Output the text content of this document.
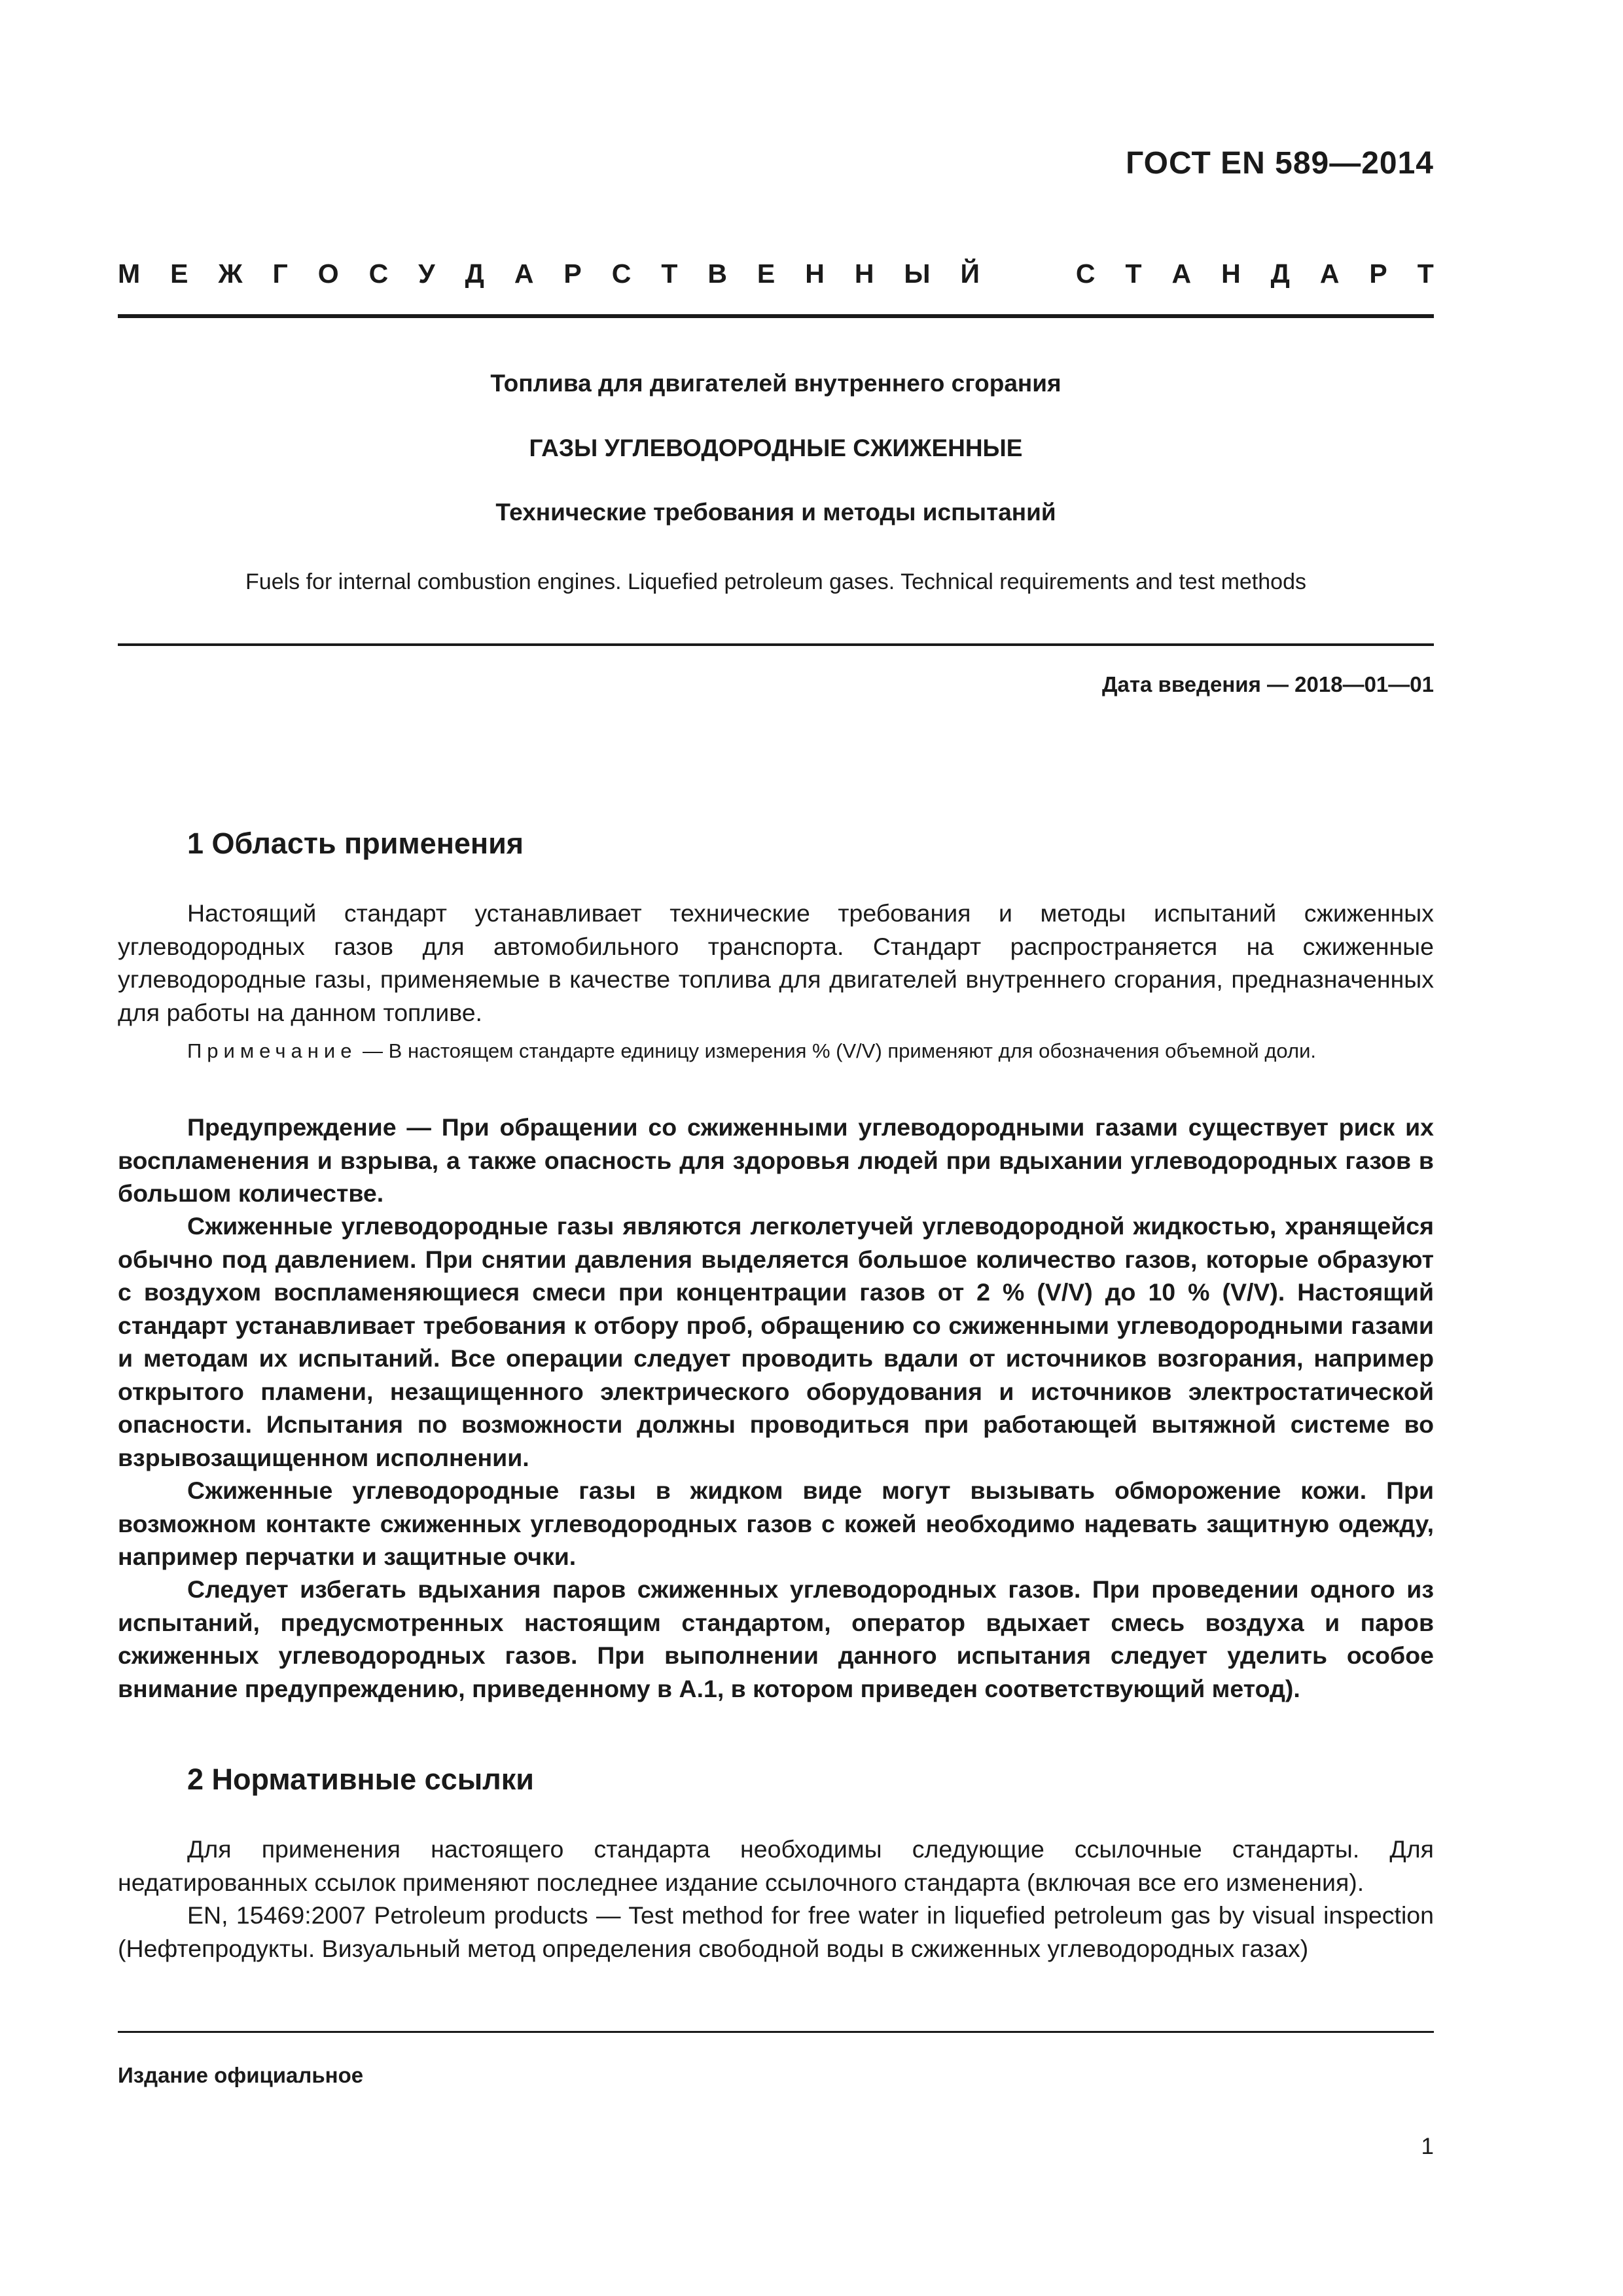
ГОСТ EN 589—2014
М Е Ж Г О С У Д А Р С Т В Е Н Н Ы Й	С Т А Н Д А Р Т
Топлива для двигателей внутреннего сгорания
ГАЗЫ УГЛЕВОДОРОДНЫЕ СЖИЖЕННЫЕ
Технические требования и методы испытаний
Fuels for internal combustion engines. Liquefied petroleum gases. Technical requirements and test methods
Дата введения — 2018—01—01
1 Область применения
Настоящий стандарт устанавливает технические требования и методы испытаний сжиженных углеводородных газов для автомобильного транспорта. Стандарт распространяется на сжиженные углеводородные газы, применяемые в качестве топлива для двигателей внутреннего сгорания, предназначенных для работы на данном топливе.
Примечание — В настоящем стандарте единицу измерения % (V/V) применяют для обозначения объемной доли.
Предупреждение — При обращении со сжиженными углеводородными газами существует риск их воспламенения и взрыва, а также опасность для здоровья людей при вдыхании углеводородных газов в большом количестве.
Сжиженные углеводородные газы являются легколетучей углеводородной жидкостью, хранящейся обычно под давлением. При снятии давления выделяется большое количество газов, которые образуют с воздухом воспламеняющиеся смеси при концентрации газов от 2 % (V/V) до 10 % (V/V). Настоящий стандарт устанавливает требования к отбору проб, обращению со сжиженными углеводородными газами и методам их испытаний. Все операции следует проводить вдали от источников возгорания, например открытого пламени, незащищенного электрического оборудования и источников электростатической опасности. Испытания по возможности должны проводиться при работающей вытяжной системе во взрывозащищенном исполнении.
Сжиженные углеводородные газы в жидком виде могут вызывать обморожение кожи. При возможном контакте сжиженных углеводородных газов с кожей необходимо надевать защитную одежду, например перчатки и защитные очки.
Следует избегать вдыхания паров сжиженных углеводородных газов. При проведении одного из испытаний, предусмотренных настоящим стандартом, оператор вдыхает смесь воздуха и паров сжиженных углеводородных газов. При выполнении данного испытания следует уделить особое внимание предупреждению, приведенному в А.1, в котором приведен соответствующий метод).
2 Нормативные ссылки
Для применения настоящего стандарта необходимы следующие ссылочные стандарты. Для недатированных ссылок применяют последнее издание ссылочного стандарта (включая все его изменения).
EN, 15469:2007 Petroleum products — Test method for free water in liquefied petroleum gas by visual inspection (Нефтепродукты. Визуальный метод определения свободной воды в сжиженных углеводородных газах)
Издание официальное
1
